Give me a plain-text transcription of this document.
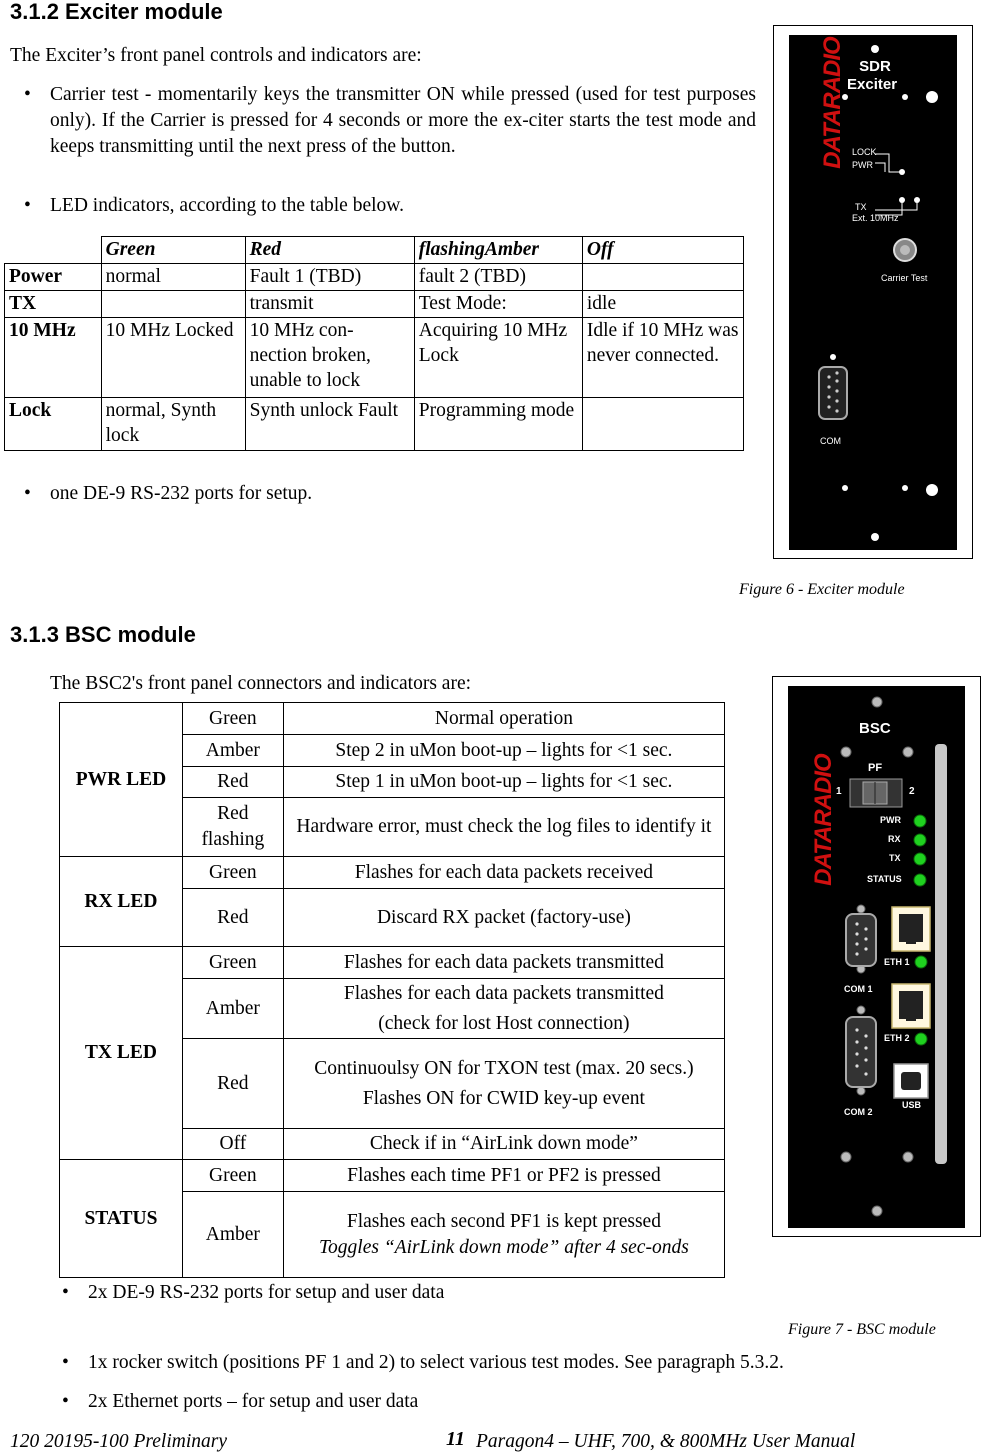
3.1.2 Exciter module
The Exciter’s front panel controls and indicators are:
• Carrier test - momentarily keys the transmitter ON while pressed (used for test purposes only). If the Carrier is pressed for 4 seconds or more the ex-citer starts the test mode and keeps transmitting until the next press of the button.
• LED indicators, according to the table below.
	Green	Red	flashingAmber	Off
Power	normal	Fault 1 (TBD)	fault 2 (TBD)	
TX		transmit	Test Mode:	idle
10 MHz	10 MHz Locked	10 MHz con-nection broken, unable to lock	Acquiring 10 MHz Lock	Idle if 10 MHz was never connected.
Lock	normal, Synth lock	Synth unlock Fault	Programming mode	
• one DE-9 RS-232 ports for setup.
DATARADIO SDR
Exciter
LOCK
PWR
TX
Ext. 10MHz
Carrier Test
COM
Figure 6 - Exciter module
3.1.3 BSC module
The BSC2's front panel connectors and indicators are:
PWR LED	Green	Normal operation
	Amber	Step 2 in uMon boot-up – lights for <1 sec.
	Red	Step 1 in uMon boot-up – lights for <1 sec.
	Red flashing	Hardware error, must check the log files to identify it
RX LED	Green	Flashes for each data packets received
	Red	Discard RX packet (factory-use)
TX LED	Green	Flashes for each data packets transmitted
	Amber	Flashes for each data packets transmitted
(check for lost Host connection)

	Red	Continuoulsy ON for TXON test (max. 20 secs.)
Flashes ON for CWID key-up event

	Off	Check if in “AirLink down mode”
STATUS	Green	Flashes each time PF1 or PF2 is pressed
	Amber	Flashes each second PF1 is kept pressed
Toggles “AirLink down mode” after 4 sec-onds
DATARADIO
BSC
PF
1	2
PWR
RX
TX
STATUS
ETH 1
COM 1
ETH 2
USB
COM 2
• 2x DE-9 RS-232 ports for setup and user data
Figure 7 - BSC module
• 1x rocker switch (positions PF 1 and 2) to select various test modes. See paragraph 5.3.2.
• 2x Ethernet ports – for setup and user data
120 20195-100 Preliminary	11 Paragon4 – UHF, 700, & 800MHz User Manual
